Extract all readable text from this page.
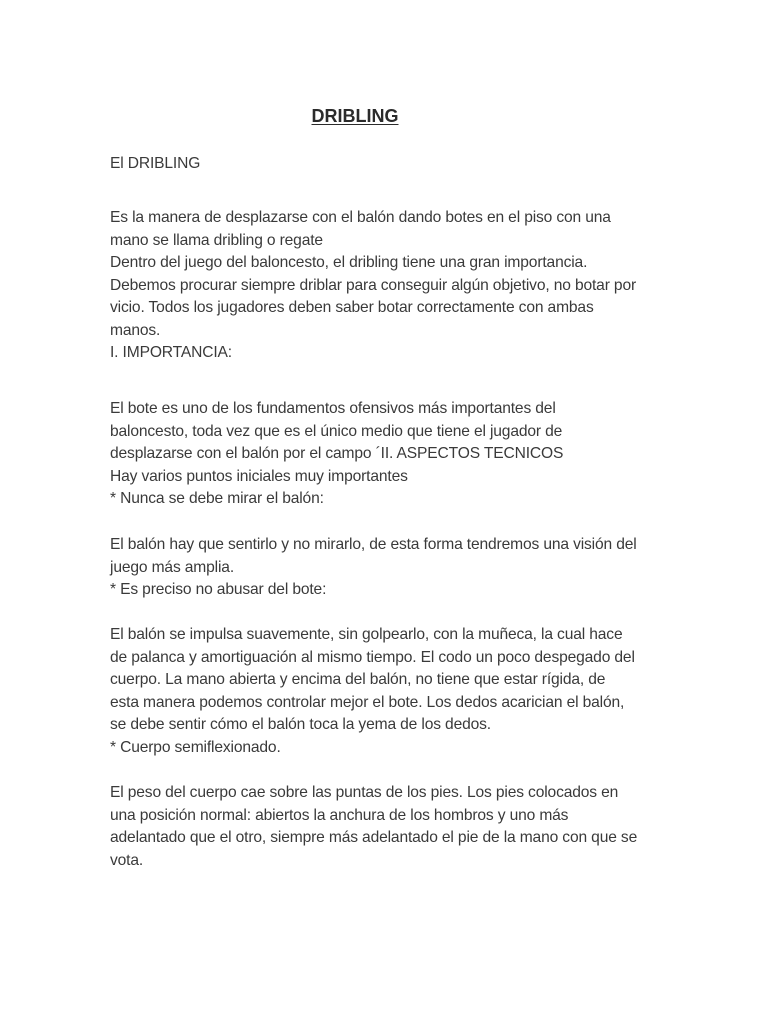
DRIBLING
El DRIBLING
Es la manera de desplazarse con el balón dando botes en el piso con una
mano se llama dribling o regate
Dentro del juego del baloncesto, el dribling tiene una gran importancia.
Debemos procurar siempre driblar para conseguir algún objetivo, no botar por
vicio. Todos los jugadores deben saber botar correctamente con ambas
manos.
I. IMPORTANCIA:
El bote es uno de los fundamentos ofensivos más importantes del
baloncesto, toda vez que es el único medio que tiene el jugador de
desplazarse con el balón por el campo ´II. ASPECTOS TECNICOS
Hay varios puntos iniciales muy importantes
* Nunca se debe mirar el balón:
El balón hay que sentirlo y no mirarlo, de esta forma tendremos una visión del
juego más amplia.
* Es preciso no abusar del bote:
El balón se impulsa suavemente, sin golpearlo, con la muñeca, la cual hace
de palanca y amortiguación al mismo tiempo. El codo un poco despegado del
cuerpo. La mano abierta y encima del balón, no tiene que estar rígida, de
esta manera podemos controlar mejor el bote. Los dedos acarician el balón,
se debe sentir cómo el balón toca la yema de los dedos.
* Cuerpo semiflexionado.
El peso del cuerpo cae sobre las puntas de los pies. Los pies colocados en
una posición normal: abiertos la anchura de los hombros y uno más
adelantado que el otro, siempre más adelantado el pie de la mano con que se
vota.
